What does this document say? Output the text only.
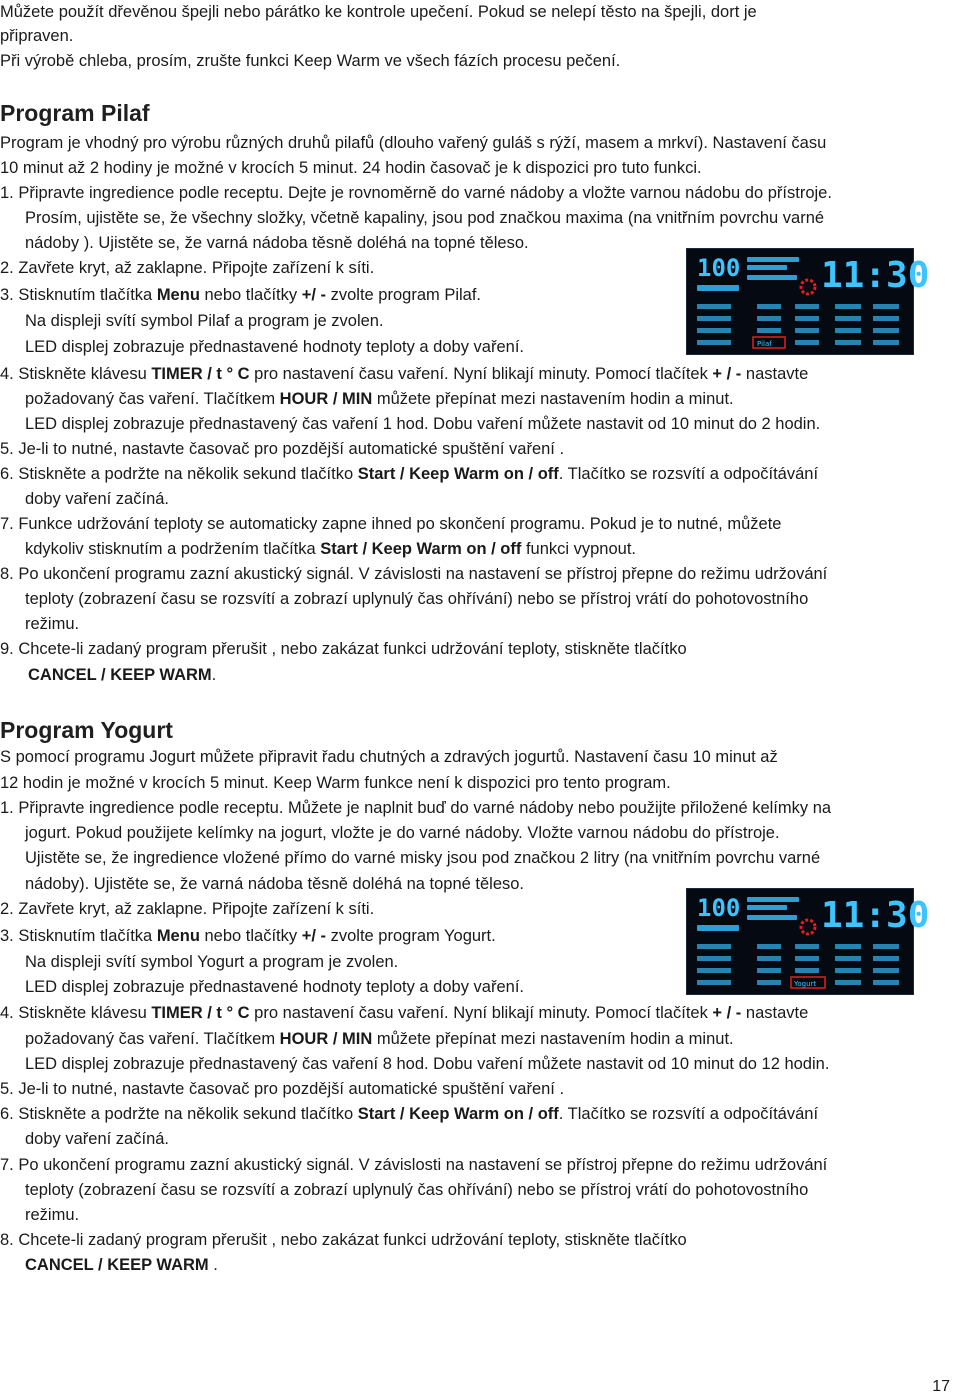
Můžete použít dřevěnou špejli nebo párátko ke kontrole upečení. Pokud se nelepí těsto na špejli, dort je
připraven.
Při výrobě chleba, prosím, zrušte funkci Keep Warm ve všech fázích procesu pečení.
Program Pilaf
Program je vhodný pro výrobu různých druhů pilafů (dlouho vařený guláš s rýží, masem a mrkví). Nastavení času
10 minut až 2 hodiny je možné v krocích 5 minut. 24 hodin časovač je k dispozici pro tuto funkci.
1. Připravte ingredience podle receptu. Dejte je rovnoměrně do varné nádoby a vložte varnou nádobu do přístroje.
Prosím, ujistěte se, že všechny složky, včetně kapaliny, jsou pod značkou maxima (na vnitřním povrchu varné
nádoby ). Ujistěte se, že varná nádoba těsně doléhá na topné těleso.
2. Zavřete kryt, až zaklapne. Připojte zařízení k síti.
3. Stisknutím tlačítka Menu nebo tlačítky +/ - zvolte program Pilaf.
Na displeji svítí symbol Pilaf a program je zvolen.
LED displej zobrazuje přednastavené hodnoty teploty a doby vaření.
4. Stiskněte klávesu TIMER / t ° C pro nastavení času vaření. Nyní blikají minuty. Pomocí tlačítek + / - nastavte
požadovaný čas vaření. Tlačítkem HOUR / MIN můžete přepínat mezi nastavením hodin a minut.
LED displej zobrazuje přednastavený čas vaření 1 hod. Dobu vaření můžete nastavit od 10 minut do 2 hodin.
5. Je-li to nutné, nastavte časovač pro pozdější automatické spuštění vaření .
6. Stiskněte a podržte na několik sekund tlačítko Start / Keep Warm on / off. Tlačítko se rozsvítí a odpočítávání
doby vaření začíná.
7. Funkce udržování teploty se automaticky zapne ihned po skončení programu. Pokud je to nutné, můžete
kdykoliv stisknutím a podržením tlačítka Start / Keep Warm on / off funkci vypnout.
8. Po ukončení programu zazní akustický signál. V závislosti na nastavení se přístroj přepne do režimu udržování
teploty (zobrazení času se rozsvítí a zobrazí uplynulý čas ohřívání) nebo se přístroj vrátí do pohotovostního
režimu.
9. Chcete-li zadaný program přerušit , nebo zakázat funkci udržování teploty, stiskněte tlačítko
CANCEL / KEEP WARM.
100 11:30
Pilaf
Program Yogurt
S pomocí programu Jogurt můžete připravit řadu chutných a zdravých jogurtů. Nastavení času 10 minut až
12 hodin je možné v krocích 5 minut. Keep Warm funkce není k dispozici pro tento program.
1. Připravte ingredience podle receptu. Můžete je naplnit buď do varné nádoby nebo použijte přiložené kelímky na
jogurt. Pokud použijete kelímky na jogurt, vložte je do varné nádoby. Vložte varnou nádobu do přístroje.
Ujistěte se, že ingredience vložené přímo do varné misky jsou pod značkou 2 litry (na vnitřním povrchu varné
nádoby). Ujistěte se, že varná nádoba těsně doléhá na topné těleso.
2. Zavřete kryt, až zaklapne. Připojte zařízení k síti.
3. Stisknutím tlačítka Menu nebo tlačítky +/ - zvolte program Yogurt.
Na displeji svítí symbol Yogurt a program je zvolen.
LED displej zobrazuje přednastavené hodnoty teploty a doby vaření.
4. Stiskněte klávesu TIMER / t ° C pro nastavení času vaření. Nyní blikají minuty. Pomocí tlačítek + / - nastavte
požadovaný čas vaření. Tlačítkem HOUR / MIN můžete přepínat mezi nastavením hodin a minut.
LED displej zobrazuje přednastavený čas vaření 8 hod. Dobu vaření můžete nastavit od 10 minut do 12 hodin.
5. Je-li to nutné, nastavte časovač pro pozdější automatické spuštění vaření .
6. Stiskněte a podržte na několik sekund tlačítko Start / Keep Warm on / off. Tlačítko se rozsvítí a odpočítávání
doby vaření začíná.
7. Po ukončení programu zazní akustický signál. V závislosti na nastavení se přístroj přepne do režimu udržování
teploty (zobrazení času se rozsvítí a zobrazí uplynulý čas ohřívání) nebo se přístroj vrátí do pohotovostního
režimu.
8. Chcete-li zadaný program přerušit , nebo zakázat funkci udržování teploty, stiskněte tlačítko
CANCEL / KEEP WARM .
100 11:30
Yogurt
17
